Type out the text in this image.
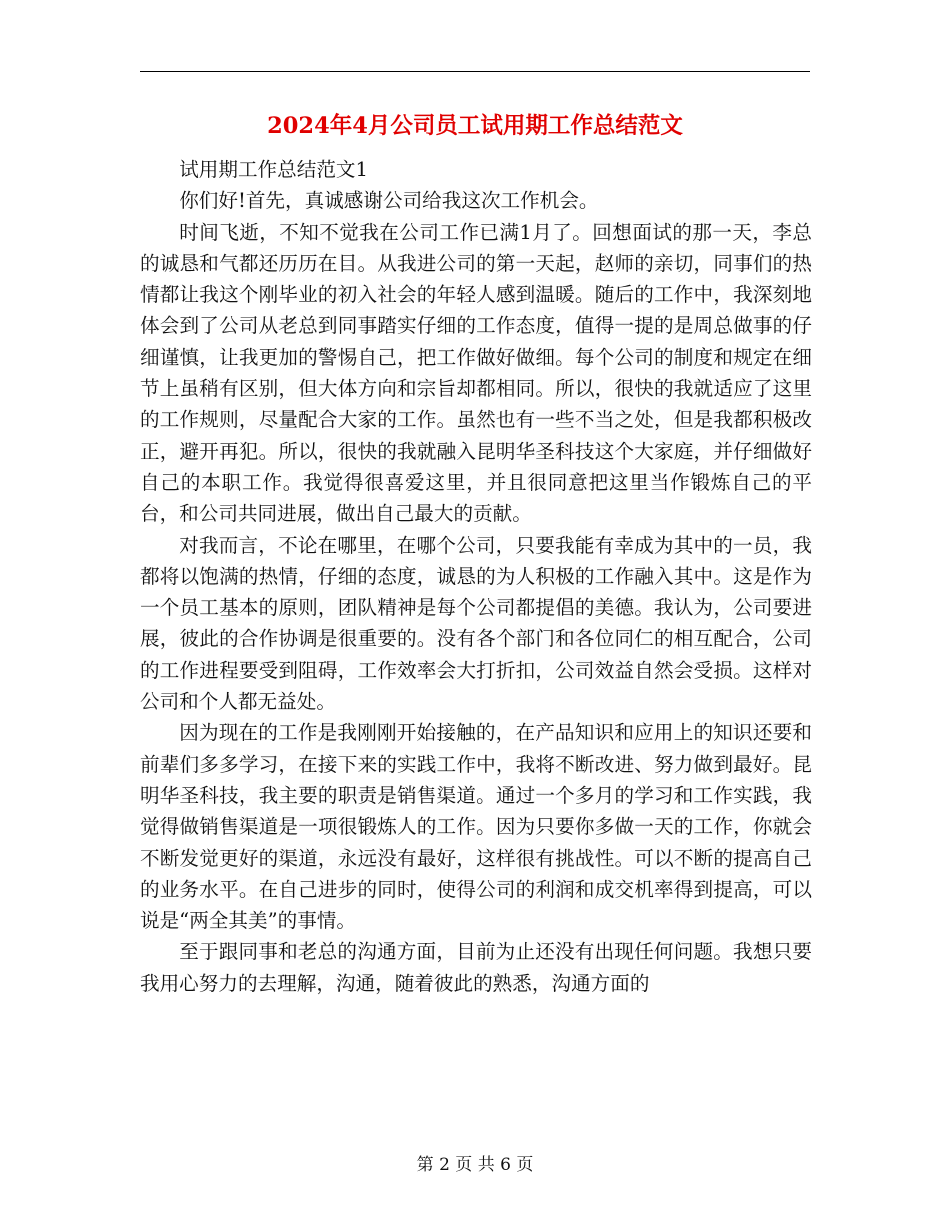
2024年4月公司员工试用期工作总结范文

试用期工作总结范文1

你们好!首先，真诚感谢公司给我这次工作机会。

时间飞逝，不知不觉我在公司工作已满1月了。回想面试的那一天，李总的诚恳和气都还历历在目。从我进公司的第一天起，赵师的亲切，同事们的热情都让我这个刚毕业的初入社会的年轻人感到温暖。随后的工作中，我深刻地体会到了公司从老总到同事踏实仔细的工作态度，值得一提的是周总做事的仔细谨慎，让我更加的警惕自己，把工作做好做细。每个公司的制度和规定在细节上虽稍有区别，但大体方向和宗旨却都相同。所以，很快的我就适应了这里的工作规则，尽量配合大家的工作。虽然也有一些不当之处，但是我都积极改正，避开再犯。所以，很快的我就融入昆明华圣科技这个大家庭，并仔细做好自己的本职工作。我觉得很喜爱这里，并且很同意把这里当作锻炼自己的平台，和公司共同进展，做出自己最大的贡献。

对我而言，不论在哪里，在哪个公司，只要我能有幸成为其中的一员，我都将以饱满的热情，仔细的态度，诚恳的为人积极的工作融入其中。这是作为一个员工基本的原则，团队精神是每个公司都提倡的美德。我认为，公司要进展，彼此的合作协调是很重要的。没有各个部门和各位同仁的相互配合，公司的工作进程要受到阻碍，工作效率会大打折扣，公司效益自然会受损。这样对公司和个人都无益处。

因为现在的工作是我刚刚开始接触的，在产品知识和应用上的知识还要和前辈们多多学习，在接下来的实践工作中，我将不断改进、努力做到最好。昆明华圣科技，我主要的职责是销售渠道。通过一个多月的学习和工作实践，我觉得做销售渠道是一项很锻炼人的工作。因为只要你多做一天的工作，你就会不断发觉更好的渠道，永远没有最好，这样很有挑战性。可以不断的提高自己的业务水平。在自己进步的同时，使得公司的利润和成交机率得到提高，可以说是“两全其美”的事情。

至于跟同事和老总的沟通方面，目前为止还没有出现任何问题。我想只要我用心努力的去理解，沟通，随着彼此的熟悉，沟通方面的

第 2 页 共 6 页
